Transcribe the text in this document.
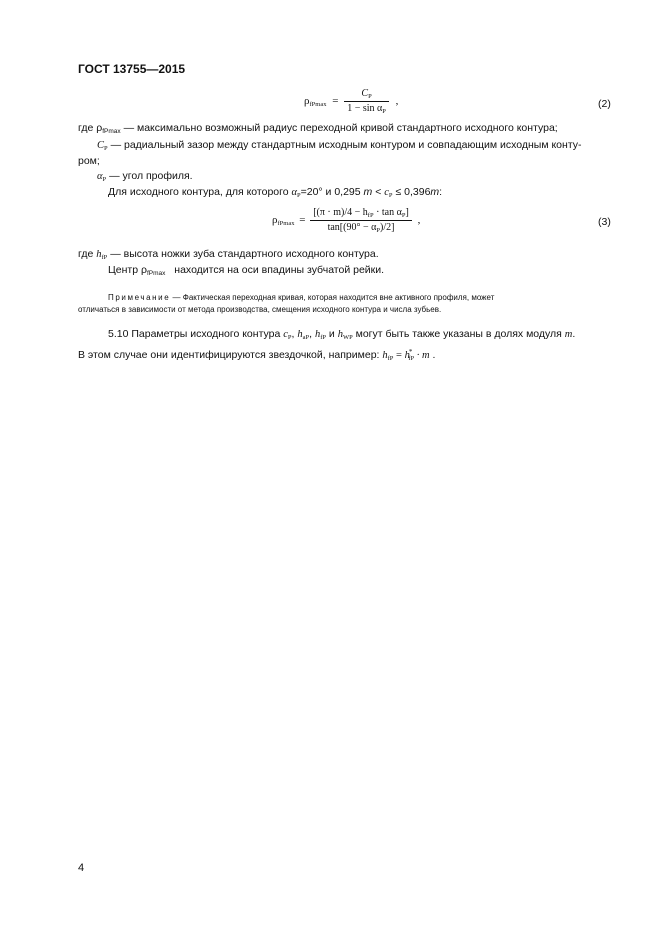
ГОСТ 13755—2015
$\rho_{fPmax} = \frac{C_P}{1 - \sin \alpha_P}$ ,	(2)
где $\rho_{fPmax}$ — максимально возможный радиус переходной кривой стандартного исходного контура;
$C_P$ — радиальный зазор между стандартным исходным контуром и совпадающим исходным конту-
ром;
$\alpha_P$ — угол профиля.
Для исходного контура, для которого $\alpha_P=20^\circ$ и 0,295 $m < c_P \le 0,396m$:
$\rho_{fPmax} = \frac{[(\pi \cdot m)/4 - h_{fP} \cdot \tan \alpha_P]}{\tan[(90^\circ - \alpha_P)/2]}$ ,	(3)
где $h_{fP}$ — высота ножки зуба стандартного исходного контура.
Центр $\rho_{fPmax}$ находится на оси впадины зубчатой рейки.
Примечание — Фактическая переходная кривая, которая находится вне активного профиля, может
отличаться в зависимости от метода производства, смещения исходного контура и числа зубьев.
5.10 Параметры исходного контура $c_P$, $h_{aP}$, $h_{fP}$ и $h_{WP}$ могут быть также указаны в долях модуля m.
В этом случае они идентифицируются звездочкой, например: $h_{fP} = h^*_{fP} \cdot m$ .
4
